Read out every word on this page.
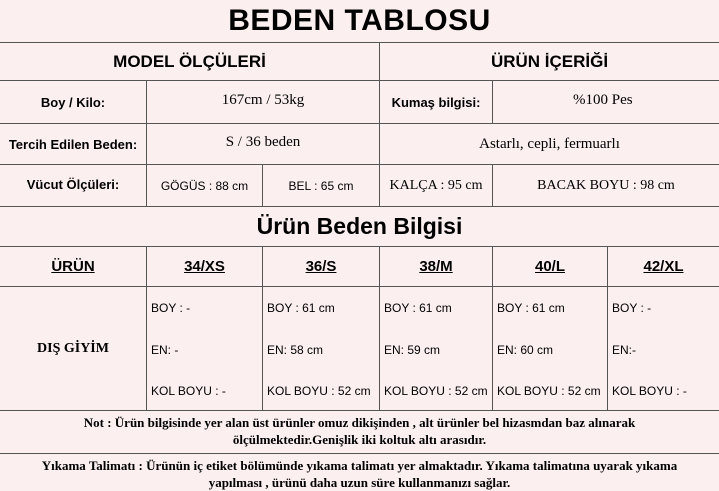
BEDEN TABLOSU
MODEL ÖLÇÜLERİ	ÜRÜN İÇERİĞİ
Boy / Kilo:	167cm / 53kg	Kumaş bilgisi:	%100 Pes
Tercih Edilen Beden:	S / 36 beden	Astarlı, cepli, fermuarlı
Vücut Ölçüleri:	GÖGÜS : 88 cm	BEL : 65 cm	KALÇA : 95 cm	BACAK BOYU : 98 cm
Ürün Beden Bilgisi
ÜRÜN	34/XS	36/S	38/M	40/L	42/XL
DIŞ GİYİM
BOY : -	BOY : 61 cm	BOY : 61 cm	BOY : 61 cm	BOY : -
EN: -	EN: 58 cm	EN: 59 cm	EN: 60 cm	EN:-
KOL BOYU : -	KOL BOYU : 52 cm	KOL BOYU : 52 cm KOL BOYU : 52 cm KOL BOYU : -
Not : Ürün bilgisinde yer alan üst ürünler omuz dikişinden , alt ürünler bel hizasmdan baz alınarak
ölçülmektedir.Genişlik iki koltuk altı arasıdır.
Yıkama Talimatı : Ürünün iç etiket bölümünde yıkama talimatı yer almaktadır. Yıkama talimatına uyarak yıkama
yapılması , ürünü daha uzun süre kullanmanızı sağlar.
